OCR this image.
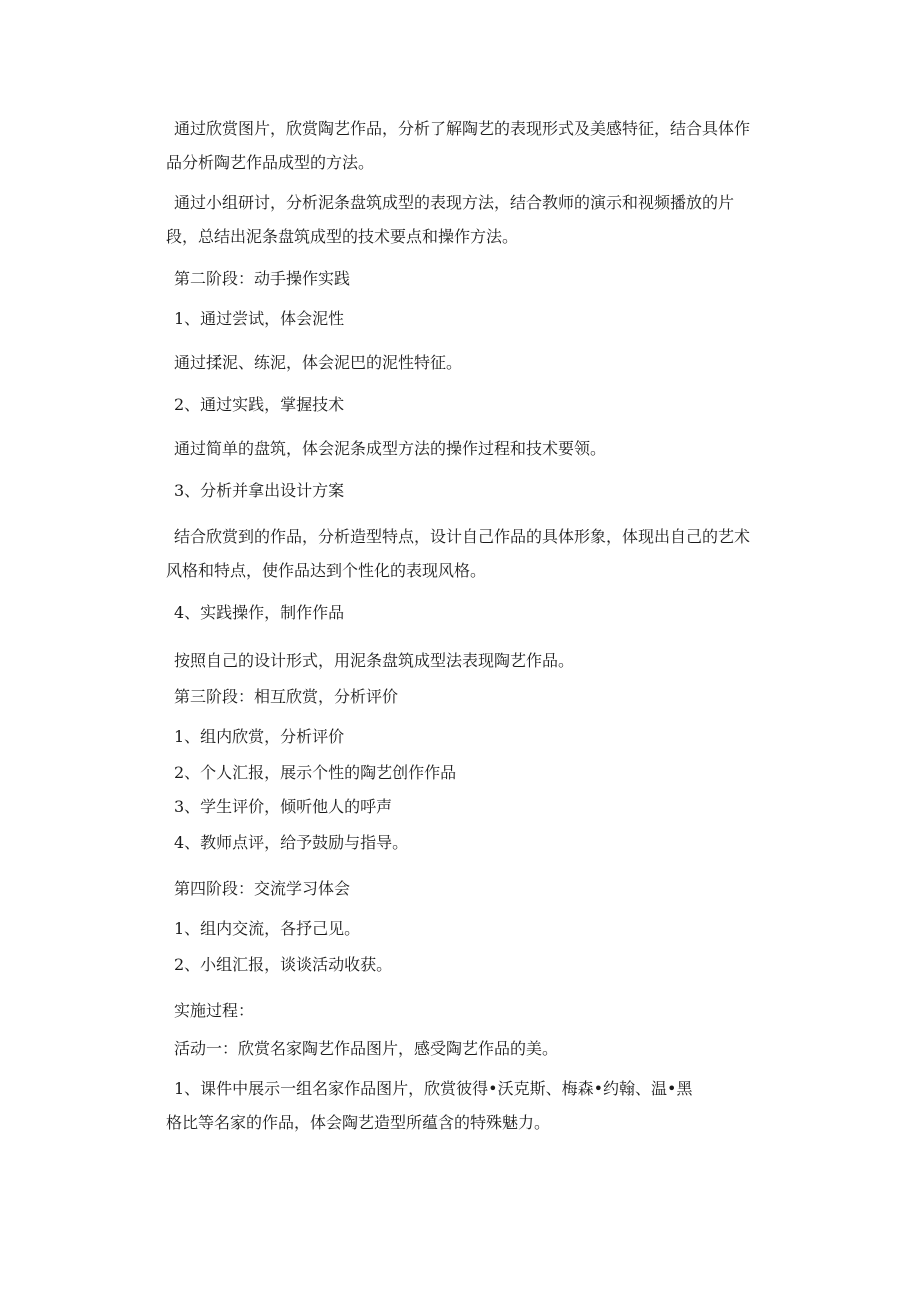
通过欣赏图片，欣赏陶艺作品，分析了解陶艺的表现形式及美感特征，结合具体作
品分析陶艺作品成型的方法。

通过小组研讨，分析泥条盘筑成型的表现方法，结合教师的演示和视频播放的片
段，总结出泥条盘筑成型的技术要点和操作方法。

第二阶段：动手操作实践

1、通过尝试，体会泥性

通过揉泥、练泥，体会泥巴的泥性特征。

2、通过实践，掌握技术

通过简单的盘筑，体会泥条成型方法的操作过程和技术要领。

3、分析并拿出设计方案

结合欣赏到的作品，分析造型特点，设计自己作品的具体形象，体现出自己的艺术
风格和特点，使作品达到个性化的表现风格。

4、实践操作，制作作品

按照自己的设计形式，用泥条盘筑成型法表现陶艺作品。

第三阶段：相互欣赏，分析评价

1、组内欣赏，分析评价

2、个人汇报，展示个性的陶艺创作作品

3、学生评价，倾听他人的呼声

4、教师点评，给予鼓励与指导。

第四阶段：交流学习体会

1、组内交流，各抒己见。

2、小组汇报，谈谈活动收获。

实施过程：

活动一：欣赏名家陶艺作品图片，感受陶艺作品的美。

1、课件中展示一组名家作品图片，欣赏彼得•沃克斯、梅森•约翰、温•黑
格比等名家的作品，体会陶艺造型所蕴含的特殊魅力。
